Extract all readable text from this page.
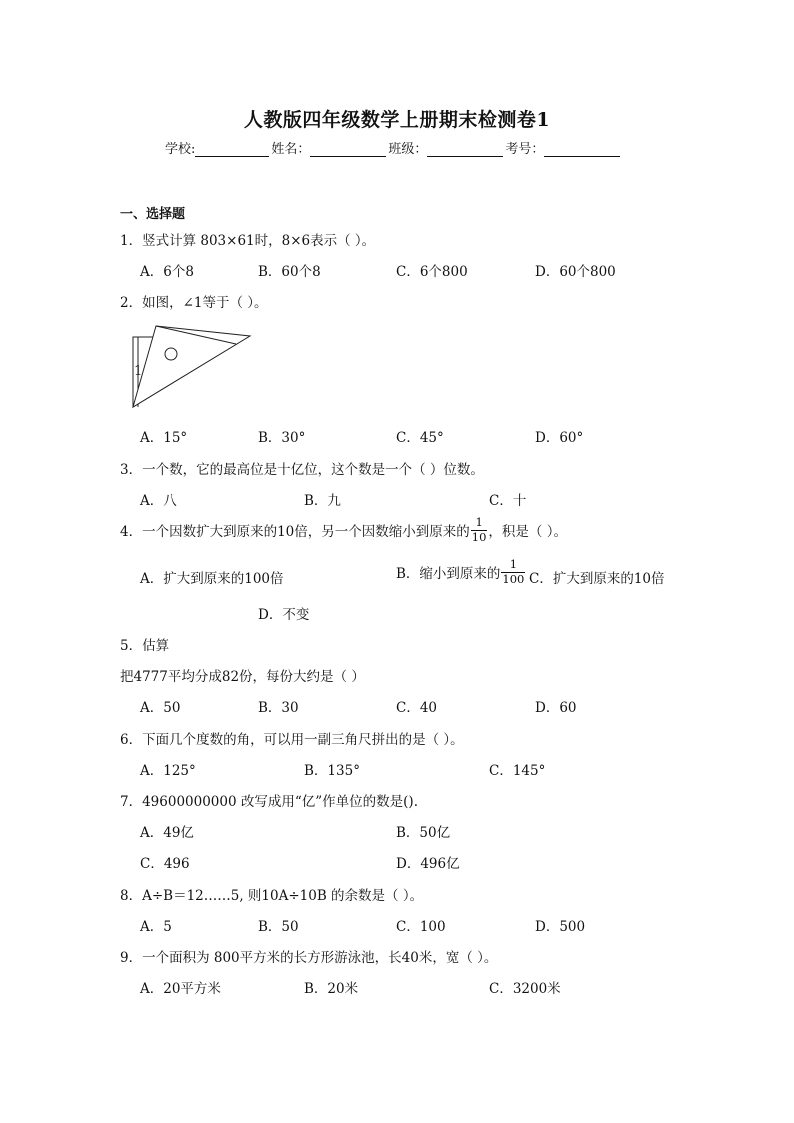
人教版四年级数学上册期末检测卷1
学校:	姓名：	班级：	考号：
一、选择题
1．竖式计算 803×61时，8×6表示（ ）。
A．6个8	B．60个8	C．6个800	D．60个800
2．如图，∠1等于（ ）。
1
A．15°	B．30°	C．45°	D．60°
3．一个数，它的最高位是十亿位，这个数是一个（ ）位数。
A．八	B．九	C．十
4．一个因数扩大到原来的10倍，另一个因数缩小到原来的 $\frac{1}{10}$ ，积是（ ）。
A．扩大到原来的100倍	B．缩小到原来的 $\frac{1}{100}$ C．扩大到原来的10倍
D．不变
5．估算
把4777平均分成82份，每份大约是（ ）
A．50	B．30	C．40	D．60
6．下面几个度数的角，可以用一副三角尺拼出的是（ ）。
A．125°	B．135°	C．145°
7．49600000000 改写成用“亿”作单位的数是().
A．49亿	B．50亿
C．496	D．496亿
8．A÷B＝12……5, 则10A÷10B 的余数是（ ）。
A．5	B．50	C．100	D．500
9．一个面积为 800平方米的长方形游泳池，长40米，宽（ ）。
A．20平方米	B．20米	C．3200米
